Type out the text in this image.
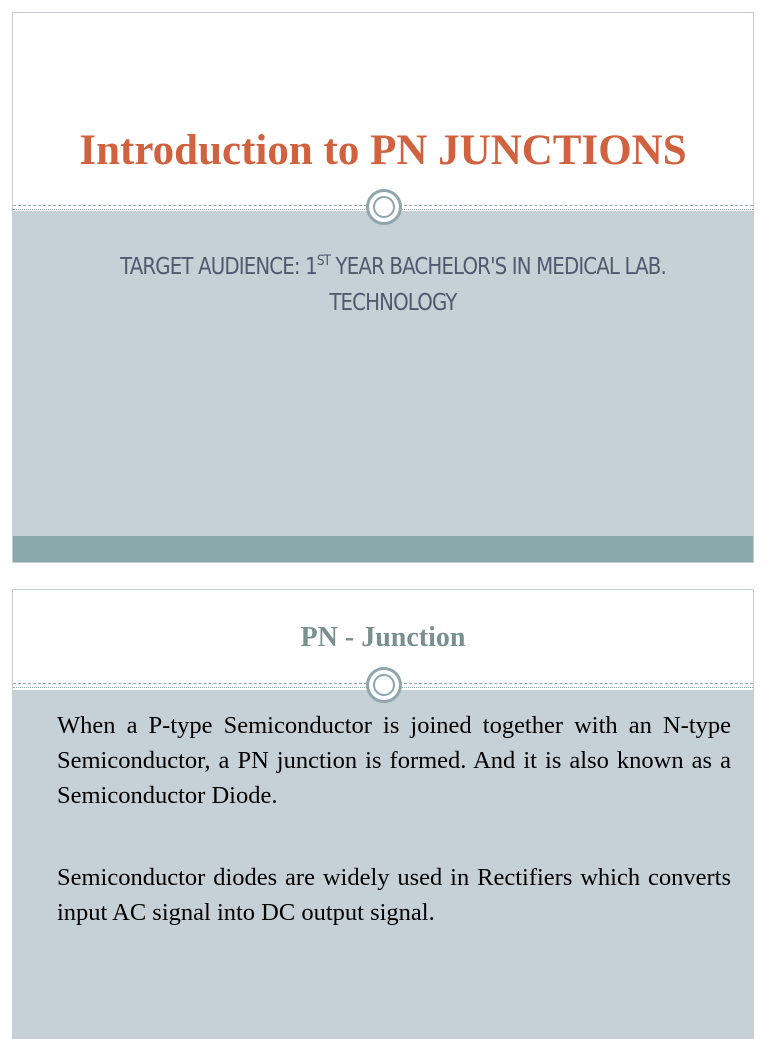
Introduction to PN JUNCTIONS

TARGET AUDIENCE: 1ST YEAR BACHELOR'S IN MEDICAL LAB. TECHNOLOGY

PN - Junction

When a P-type Semiconductor is joined together with an N-type Semiconductor, a PN junction is formed. And it is also known as a Semiconductor Diode.

Semiconductor diodes are widely used in Rectifiers which converts input AC signal into DC output signal.
